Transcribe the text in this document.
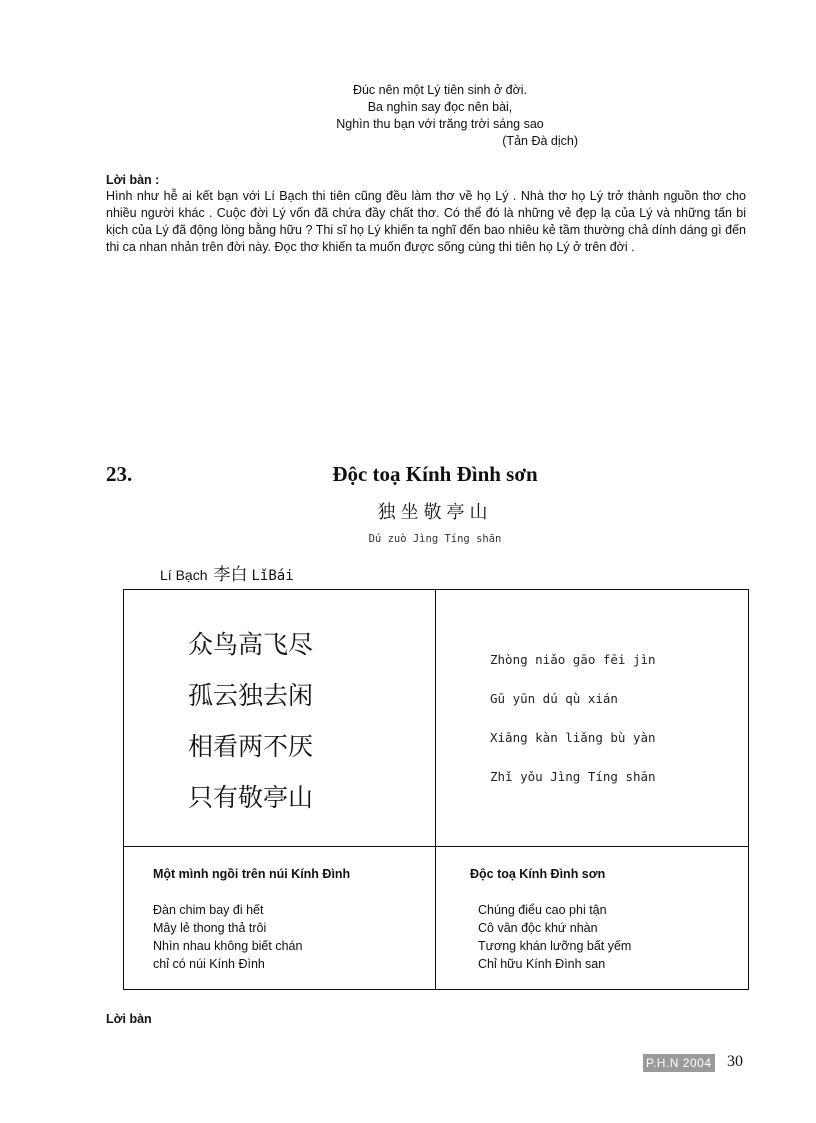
Đúc nên một Lý tiên sinh ở đời.
Ba nghìn say đọc nên bài,
Nghìn thu bạn với trăng trời sáng sao
(Tản Đà dịch)
Lời bàn :
Hình như hễ ai kết bạn với Lí Bạch thi tiên cũng đều làm thơ về họ Lý . Nhà thơ họ Lý trở thành nguồn thơ cho nhiều người khác . Cuộc đời Lý vốn đã chứa đầy chất thơ. Có thể đó là những vẻ đẹp lạ của Lý và những tấn bi kịch của Lý đã động lòng bằng hữu ? Thi sĩ họ Lý khiến ta nghĩ đến bao nhiêu kẻ tầm thường chả dính dáng gì đến thi ca nhan nhản trên đời này. Đọc thơ khiến ta muốn được sống cùng thi tiên họ Lý ở trên đời .
23.	Độc toạ Kính Đình sơn
独坐敬亭山
Dú zuò Jìng Tíng shān
Lí Bạch 李白 LǐBái
众鸟高飞尽
孤云独去闲
相看两不厌
只有敬亭山
Zhòng niǎo gāo fēi jìn
Gū yūn dú qù xián
Xiāng kàn liǎng bù yàn
Zhǐ yǒu Jìng Tíng shān
Một mình ngồi trên núi Kính Đình
Đàn chim bay đi hết
Mây lẻ thong thả trôi
Nhìn nhau không biết chán
chỉ có núi Kính Đình
Độc toạ Kính Đình sơn
Chúng điểu cao phi tận
Cô vân độc khứ nhàn
Tương khán lưỡng bất yếm
Chỉ hữu Kính Đình san
Lời bàn
P.H.N 2004 30
